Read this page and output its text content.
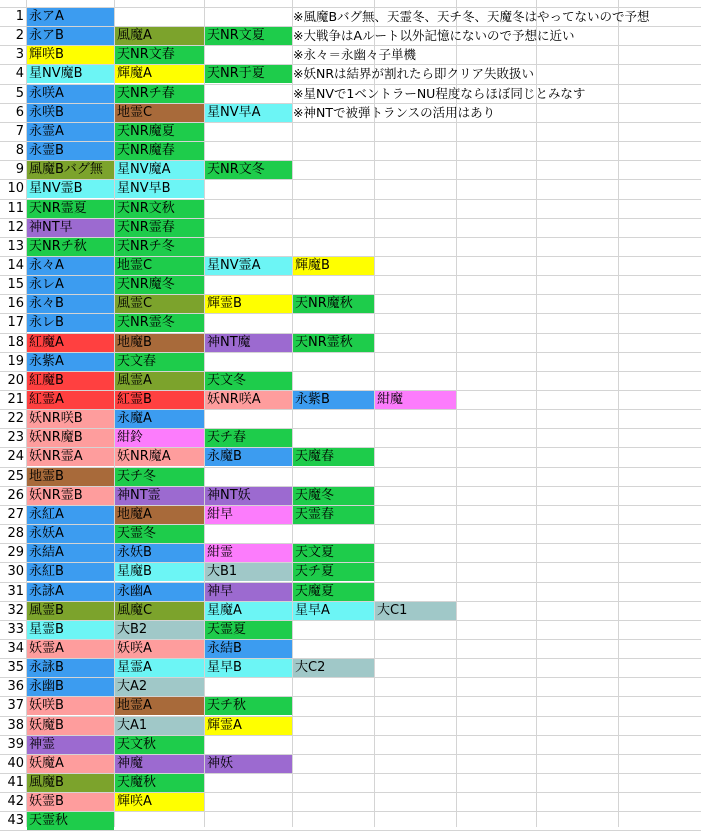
1 永アA
2 永アB	風魔A	天NR文夏
3 輝咲B	天NR文春
4 星NV魔B	輝魔A	天NR于夏
5 永咲A	天NRチ春
6 永咲B	地霊C	星NV早A
7 永霊A	天NR魔夏
8 永霊B	天NR魔春
9 風魔Bバグ無	星NV魔A	天NR文冬
10 星NV霊B	星NV早B
11 天NR霊夏	天NR文秋
12 神NT早	天NR霊春
13 天NRチ秋	天NRチ冬
14 永々A	地霊C	星NV霊A	輝魔B
15 永レA	天NR魔冬
16 永々B	風霊C	輝霊B	天NR魔秋
17 永レB	天NR霊冬
18 紅魔A	地魔B	神NT魔	天NR霊秋
19 永紫A	天文春
20 紅魔B	風霊A	天文冬
21 紅霊A	紅霊B	妖NR咲A	永紫B	紺魔
22 妖NR咲B	永魔A
23 妖NR魔B	紺鈴	天チ春
24 妖NR霊A	妖NR魔A	永魔B	天魔春
25 地霊B	天チ冬
26 妖NR霊B	神NT霊	神NT妖	天魔冬
27 永紅A	地魔A	紺早	天霊春
28 永妖A	天霊冬
29 永結A	永妖B	紺霊	天文夏
30 永紅B	星魔B	大B1	天チ夏
31 永詠A	永幽A	神早	天魔夏
32 風霊B	風魔C	星魔A	星早A	大C1
33 星霊B	大B2	天霊夏
34 妖霊A	妖咲A	永結B
35 永詠B	星霊A	星早B	大C2
36 永幽B	大A2
37 妖咲B	地霊A	天チ秋
38 妖魔B	大A1	輝霊A
39 神霊	天文秋
40 妖魔A	神魔	神妖
41 風魔B	天魔秋
42 妖霊B	輝咲A
43 天霊秋
※風魔Bバグ無、天霊冬、天チ冬、天魔冬はやってないので予想
※大戦争はAルート以外記憶にないので予想に近い
※永々＝永幽々子単機
※妖NRは結界が割れたら即クリア失敗扱い
※星NVで1ベントラーNU程度ならほぼ同じとみなす
※神NTで被弾トランスの活用はあり
